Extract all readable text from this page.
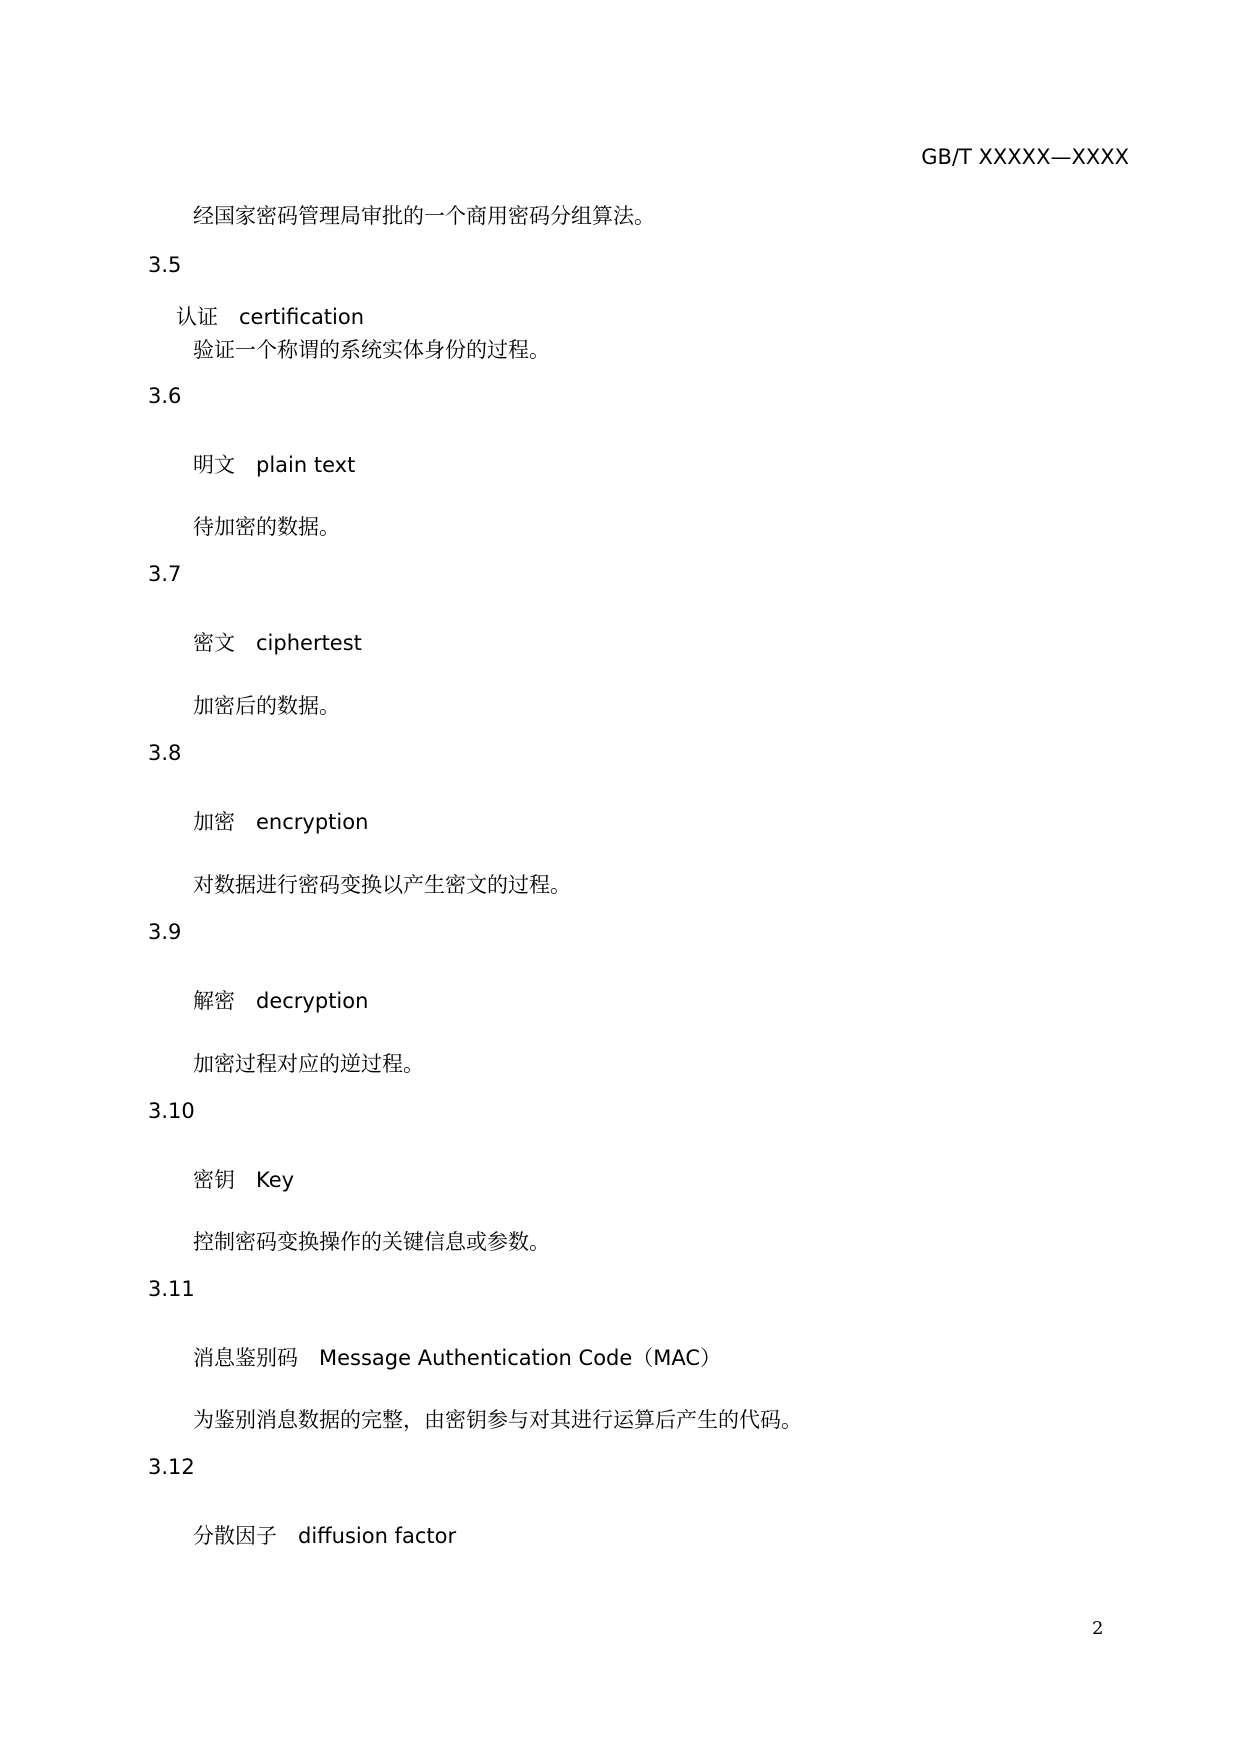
GB/T XXXXX—XXXX
经国家密码管理局审批的一个商用密码分组算法。
3.5
认证 certification
验证一个称谓的系统实体身份的过程。
3.6
明文 plain text
待加密的数据。
3.7
密文 ciphertest
加密后的数据。
3.8
加密 encryption
对数据进行密码变换以产生密文的过程。
3.9
解密 decryption
加密过程对应的逆过程。
3.10
密钥 Key
控制密码变换操作的关键信息或参数。
3.11
消息鉴别码 Message Authentication Code（MAC）
为鉴别消息数据的完整，由密钥参与对其进行运算后产生的代码。
3.12
分散因子 diffusion factor
2
